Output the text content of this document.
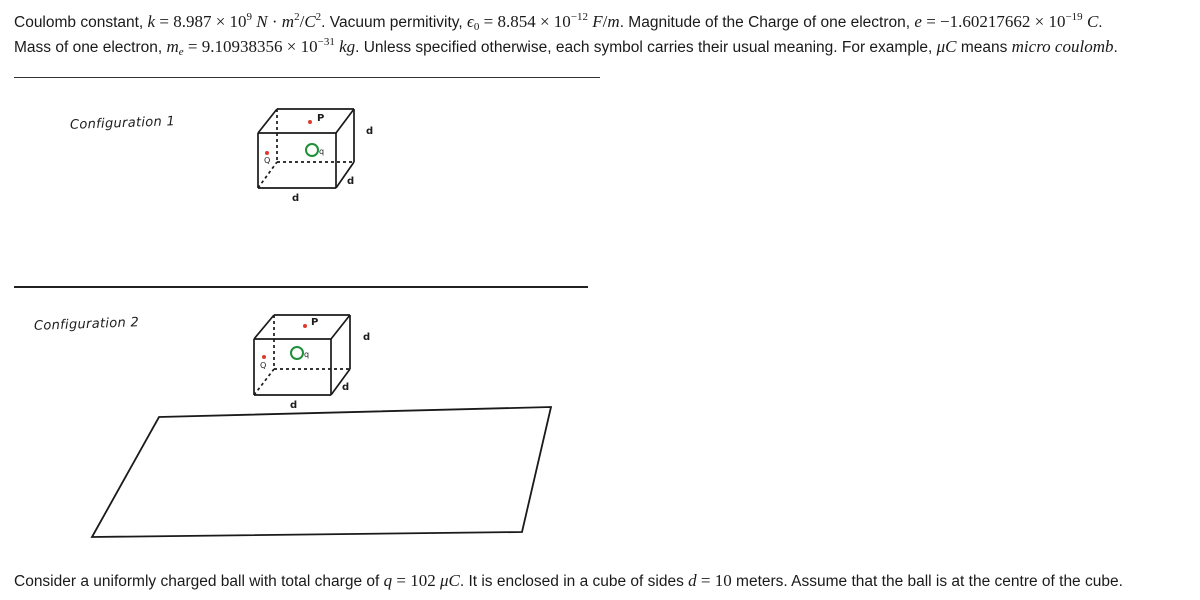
Coulomb constant, $k = 8.987 \times 10^9$ $N \cdot m^2/C^2$. Vacuum permitivity, $\epsilon_0 = 8.854 \times 10^{-12}$ F/m. Magnitude of the Charge of one electron, $e = -1.60217662 \times 10^{-19}$ C.
Mass of one electron, $m_e = 9.10938356 \times 10^{-31}$ kg. Unless specified otherwise, each symbol carries their usual meaning. For example, μC means micro coulomb.
Configuration 1	P
q
Q
d
d
d
Configuration 2	P
q
Q
d
d
d
Consider a uniformly charged ball with total charge of q = 102 μC. It is enclosed in a cube of sides d = 10 meters. Assume that the ball is at the centre of the cube.
